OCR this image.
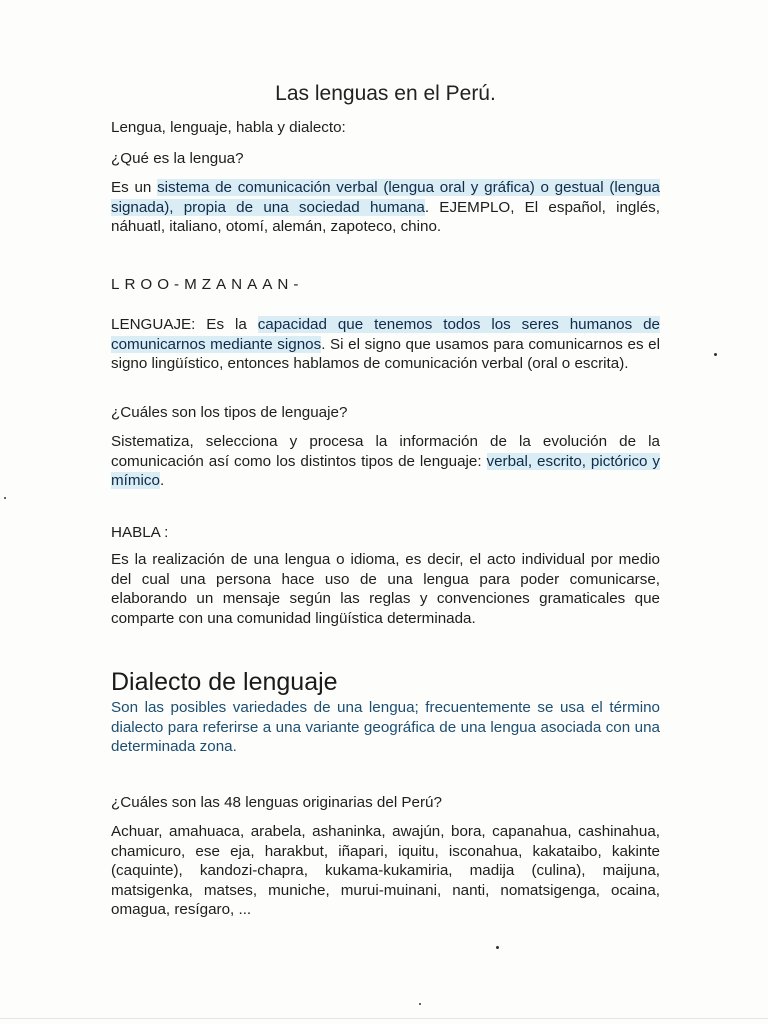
Las lenguas en el Perú.

Lengua, lenguaje, habla y dialecto:

¿Qué es la lengua?

Es un sistema de comunicación verbal (lengua oral y gráfica) o gestual (lengua signada), propia de una sociedad humana. EJEMPLO, El español, inglés, náhuatl, italiano, otomí, alemán, zapoteco, chino.

LROO-MZANAAN-

LENGUAJE: Es la capacidad que tenemos todos los seres humanos de comunicarnos mediante signos. Si el signo que usamos para comunicarnos es el signo lingüístico, entonces hablamos de comunicación verbal (oral o escrita).

¿Cuáles son los tipos de lenguaje?

Sistematiza, selecciona y procesa la información de la evolución de la comunicación así como los distintos tipos de lenguaje: verbal, escrito, pictórico y mímico.

HABLA :

Es la realización de una lengua o idioma, es decir, el acto individual por medio del cual una persona hace uso de una lengua para poder comunicarse, elaborando un mensaje según las reglas y convenciones gramaticales que comparte con una comunidad lingüística determinada.

Dialecto de lenguaje

Son las posibles variedades de una lengua; frecuentemente se usa el término dialecto para referirse a una variante geográfica de una lengua asociada con una determinada zona.

¿Cuáles son las 48 lenguas originarias del Perú?

Achuar, amahuaca, arabela, ashaninka, awajún, bora, capanahua, cashinahua, chamicuro, ese eja, harakbut, iñapari, iquitu, isconahua, kakataibo, kakinte (caquinte), kandozi-chapra, kukama-kukamiria, madija (culina), maijuna, matsigenka, matses, muniche, murui-muinani, nanti, nomatsigenga, ocaina, omagua, resígaro, ...
